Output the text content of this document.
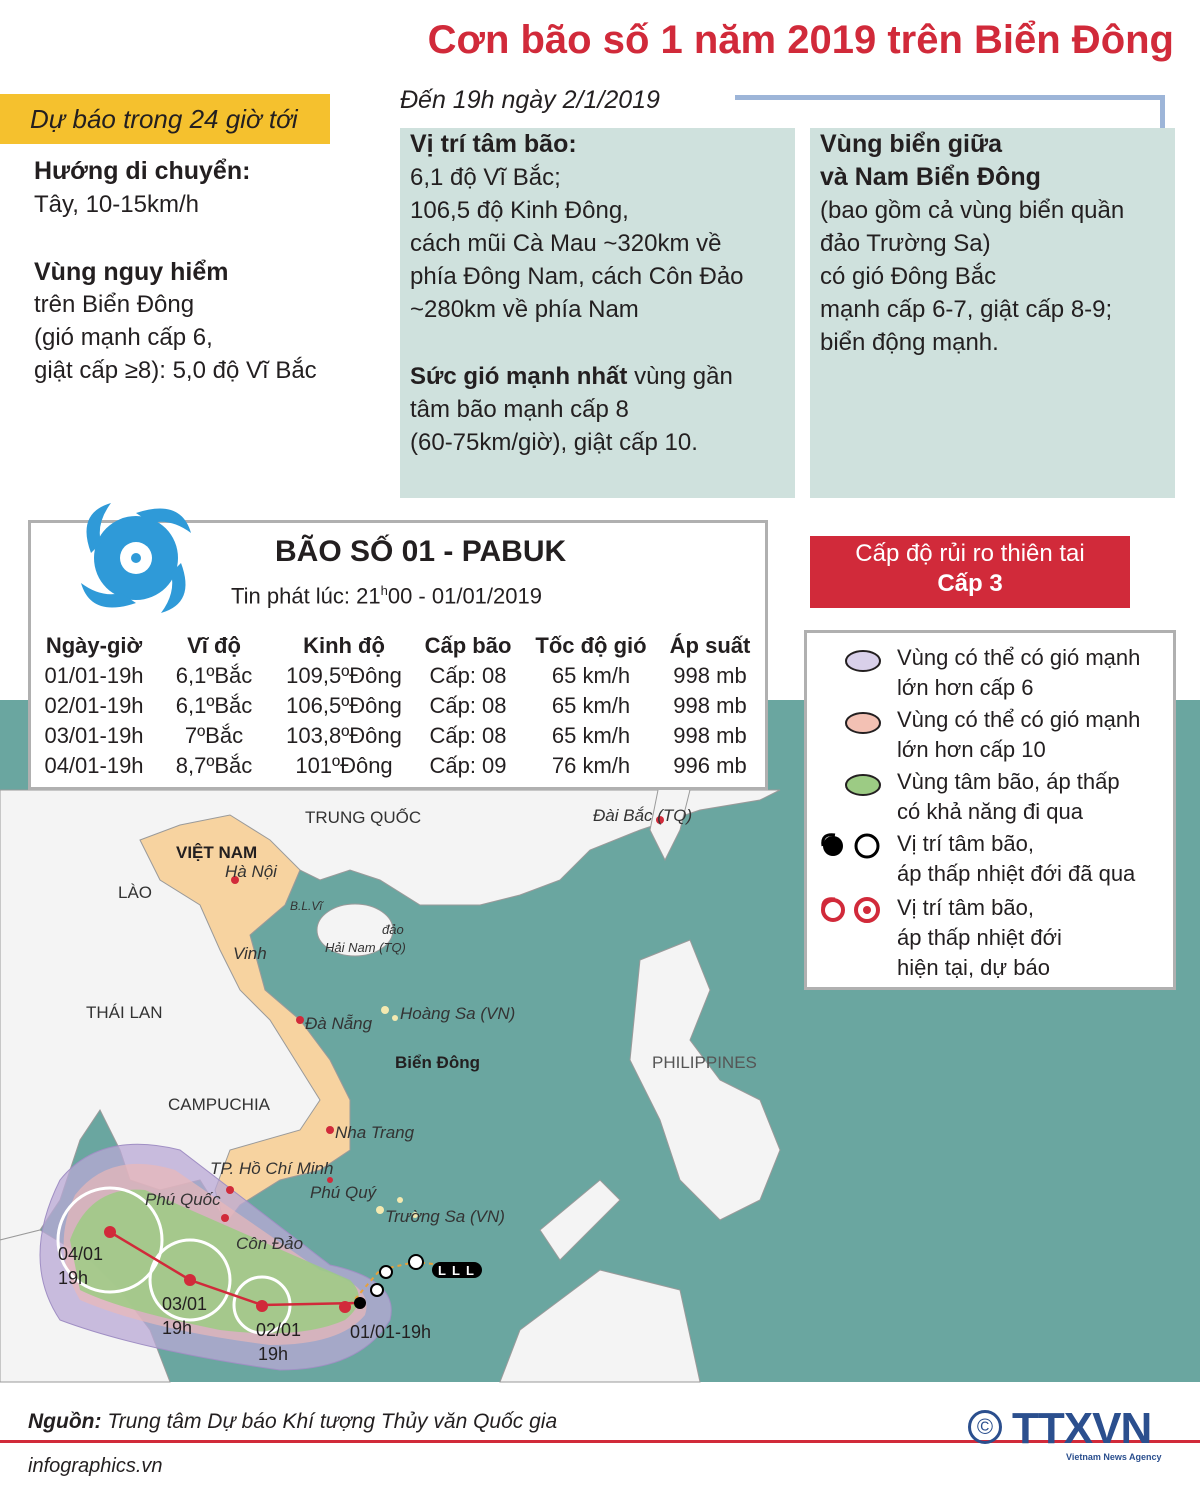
Cơn bão số 1 năm 2019 trên Biển Đông
Dự báo trong 24 giờ tới
Hướng di chuyển:
Tây, 10-15km/h
Vùng nguy hiểm
trên Biển Đông
(gió mạnh cấp 6,
giật cấp ≥8): 5,0 độ Vĩ Bắc
Đến 19h ngày 2/1/2019
Vị trí tâm bão:
6,1 độ Vĩ Bắc;
106,5 độ Kinh Đông,
cách mũi Cà Mau ~320km về
phía Đông Nam, cách Côn Đảo
~280km về phía Nam
Sức gió mạnh nhất vùng gần
tâm bão mạnh cấp 8
(60-75km/giờ), giật cấp 10.
Vùng biển giữa
và Nam Biển Đông
(bao gồm cả vùng biển quần
đảo Trường Sa)
có gió Đông Bắc
mạnh cấp 6-7, giật cấp 8-9;
biển động mạnh.
L L L
TRUNG QUỐC
VIỆT NAM
Hà Nội
LÀO
B.L.Vĩ
đảo
Hải Nam (TQ)
Vinh
THÁI LAN
Đà Nẵng
Hoàng Sa (VN)
Biển Đông	PHILIPPINES
CAMPUCHIA
Nha Trang
TP. Hồ Chí Minh
Phú Quý
Phú Quốc
Trường Sa (VN)
Côn Đảo
Đài Bắc (TQ)
01/01-19h
02/01
19h
03/01
19h
04/01
19h
BÃO SỐ 01 - PABUK
Tin phát lúc: 21$^h$00 - 01/01/2019
Ngày-giờ	Vĩ độ	Kinh độ	Cấp bão	Tốc độ gió	Áp suất
01/01-19h	6,1ºBắc	109,5ºĐông	Cấp: 08	65 km/h	998 mb
02/01-19h	6,1ºBắc	106,5ºĐông	Cấp: 08	65 km/h	998 mb
03/01-19h	7ºBắc	103,8ºĐông	Cấp: 08	65 km/h	998 mb
04/01-19h	8,7ºBắc	101ºĐông	Cấp: 09	76 km/h	996 mb
Cấp độ rủi ro thiên tai
Cấp 3
Vùng có thể có gió mạnh
lớn hơn cấp 6
Vùng có thể có gió mạnh
lớn hơn cấp 10
Vùng tâm bão, áp thấp
có khả năng đi qua
Vị trí tâm bão,
áp thấp nhiệt đới đã qua
Vị trí tâm bão,
áp thấp nhiệt đới
hiện tại, dự báo
Nguồn: Trung tâm Dự báo Khí tượng Thủy văn Quốc gia
infographics.vn
© TTXVN
Vietnam News Agency
